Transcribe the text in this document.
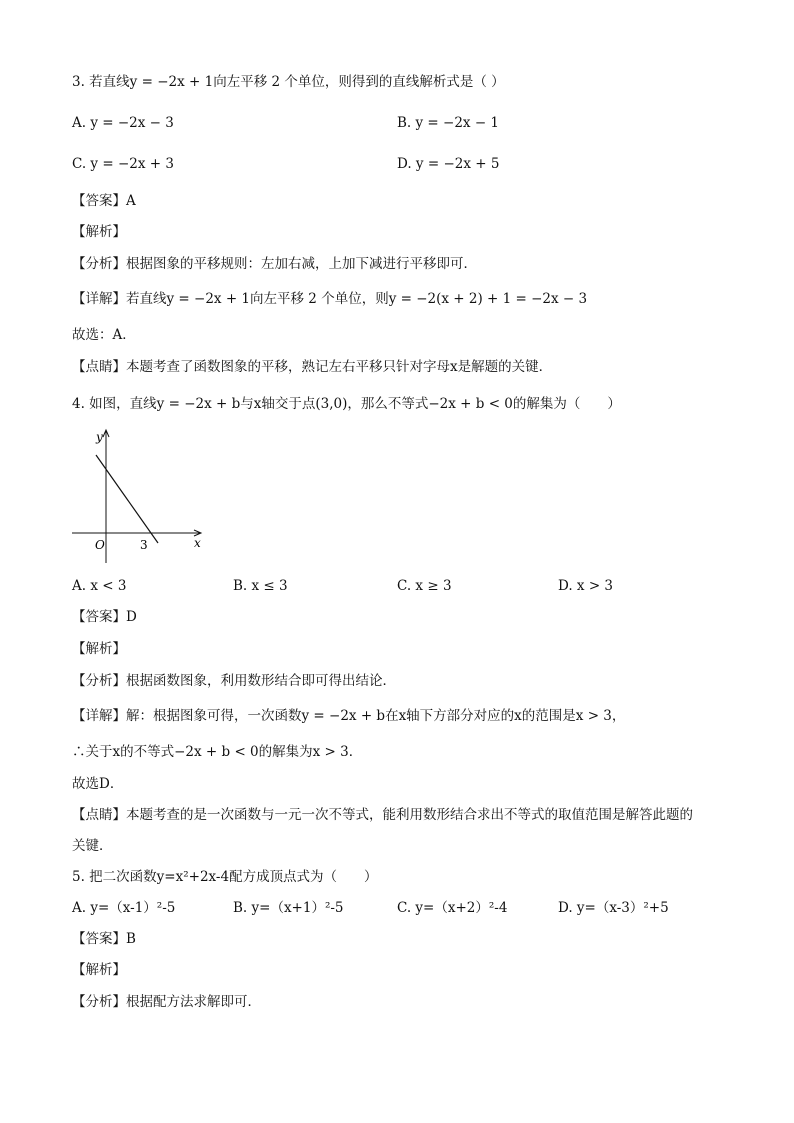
3. 若直线y = −2x + 1向左平移 2 个单位，则得到的直线解析式是（ ）
A. y = −2x − 3	B. y = −2x − 1
C. y = −2x + 3	D. y = −2x + 5
【答案】A
【解析】
【分析】根据图象的平移规则：左加右减，上加下减进行平移即可．
【详解】若直线y = −2x + 1向左平移 2 个单位，则y = −2(x + 2) + 1 = −2x − 3
故选：A．
【点睛】本题考查了函数图象的平移，熟记左右平移只针对字母x是解题的关键．
4. 如图，直线y = −2x + b与x轴交于点(3,0)，那么不等式−2x + b < 0的解集为（　　）
y
x
O	3
A. x < 3	B. x ≤ 3	C. x ≥ 3	D. x > 3
【答案】D
【解析】
【分析】根据函数图象，利用数形结合即可得出结论．
【详解】解：根据图象可得，一次函数y = −2x + b在x轴下方部分对应的x的范围是x > 3，
∴关于x的不等式−2x + b < 0的解集为x > 3．
故选D．
【点睛】本题考查的是一次函数与一元一次不等式，能利用数形结合求出不等式的取值范围是解答此题的
关键．
5. 把二次函数y=x²+2x-4配方成顶点式为（　　）
A. y=（x-1）²-5	B. y=（x+1）²-5	C. y=（x+2）²-4	D. y=（x-3）²+5
【答案】B
【解析】
【分析】根据配方法求解即可．
